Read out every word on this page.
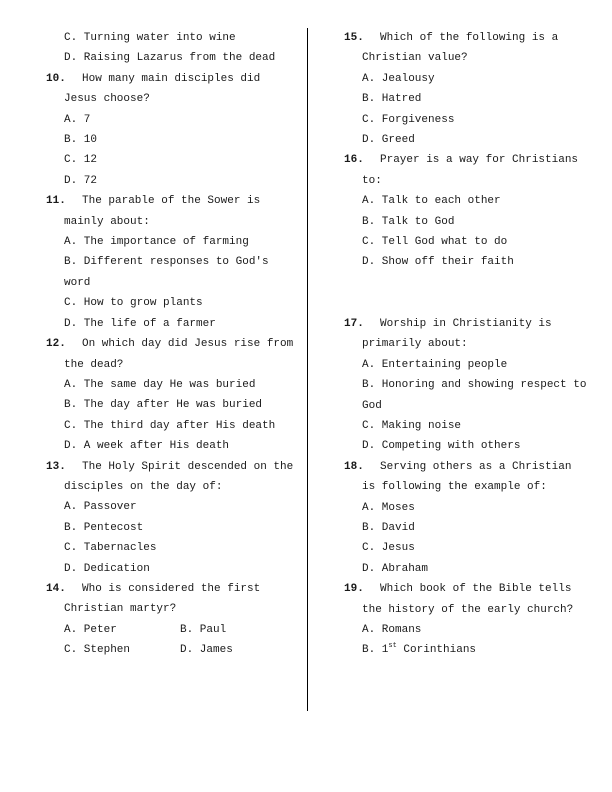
C. Turning water into wine
D. Raising Lazarus from the dead
10.	How many main disciples did Jesus choose?
A. 7
B. 10
C. 12
D. 72
11.	The parable of the Sower is mainly about:
A. The importance of farming
B. Different responses to God's word
C. How to grow plants
D. The life of a farmer
12.	On which day did Jesus rise from the dead?
A. The same day He was buried
B. The day after He was buried
C. The third day after His death
D. A week after His death
13.	The Holy Spirit descended on the disciples on the day of:
A. Passover
B. Pentecost
C. Tabernacles
D. Dedication
14.	Who is considered the first Christian martyr?
A. Peter	B. Paul
C. Stephen	D. James
15.	Which of the following is a Christian value?
A. Jealousy
B. Hatred
C. Forgiveness
D. Greed
16.	Prayer is a way for Christians to:
A. Talk to each other
B. Talk to God
C. Tell God what to do
D. Show off their faith
17.	Worship in Christianity is primarily about:
A. Entertaining people
B. Honoring and showing respect to God
C. Making noise
D. Competing with others
18.	Serving others as a Christian is following the example of:
A. Moses
B. David
C. Jesus
D. Abraham
19.	Which book of the Bible tells the history of the early church?
A. Romans
B. 1st Corinthians
